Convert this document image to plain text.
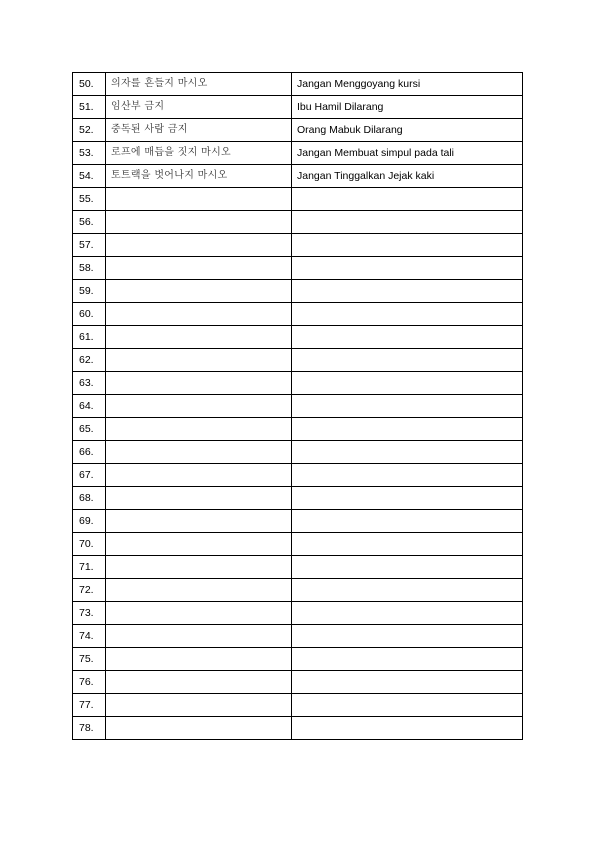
50.	의자를 흔들지 마시오	Jangan Menggoyang kursi
51.	임산부 금지	Ibu Hamil Dilarang
52.	중독된 사람 금지	Orang Mabuk Dilarang
53.	로프에 매듭을 짓지 마시오	Jangan Membuat simpul pada tali
54.	토트랙을 벗어나지 마시오	Jangan Tinggalkan Jejak kaki
55.		
56.		
57.		
58.		
59.		
60.		
61.		
62.		
63.		
64.		
65.		
66.		
67.		
68.		
69.		
70.		
71.		
72.		
73.		
74.		
75.		
76.		
77.		
78.		
